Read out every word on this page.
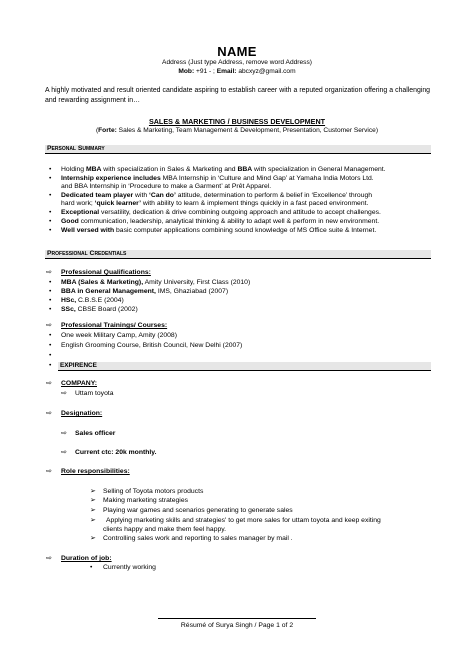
NAME
Address (Just type Address, remove word Address)
Mob: +91 - ; Email: abcxyz@gmail.com
A highly motivated and result oriented candidate aspiring to establish career with a reputed organization offering a challenging and rewarding assignment in…
SALES & MARKETING / BUSINESS DEVELOPMENT
(Forte: Sales & Marketing, Team Management & Development, Presentation, Customer Service)
Personal Summary
• Holding MBA with specialization in Sales & Marketing and BBA with specialization in General Management.
• Internship experience includes MBA Internship in ‘Culture and Mind Gap’ at Yamaha India Motors Ltd.
and BBA Internship in ‘Procedure to make a Garment’ at Prêt Apparel.
• Dedicated team player with ‘Can do’ attitude, determination to perform & belief in ‘Excellence’ through
hard work; ‘quick learner’ with ability to learn & implement things quickly in a fast paced environment.
• Exceptional versatility, dedication & drive combining outgoing approach and attitude to accept challenges.
• Good communication, leadership, analytical thinking & ability to adapt well & perform in new environment.
• Well versed with basic computer applications combining sound knowledge of MS Office suite & Internet.
Professional Credentials
⇨ Professional Qualifications:
• MBA (Sales & Marketing), Amity University, First Class (2010)
• BBA in General Management, IMS, Ghaziabad (2007)
• HSc, C.B.S.E (2004)
• SSc, CBSE Board (2002)
⇨ Professional Trainings/ Courses:
• One week Military Camp, Amity (2008)
• English Grooming Course, British Council, New Delhi (2007)
•
•	EXPIRENCE
⇨ COMPANY:
⇨ Uttam toyota
⇨ Designation:
⇨ Sales officer
⇨ Current ctc: 20k monthly.
⇨ Role responsibilities:
➢ Selling of Toyota motors products
➢ Making marketing strategies
➢ Playing war games and scenarios generating to generate sales
➢ Applying marketing skills and strategies' to get more sales for uttam toyota and keep exiting
clients happy and make them feel happy.
➢ Controlling sales work and reporting to sales manager by mail .
⇨ Duration of job:
• Currently working
Résumé of Surya Singh / Page 1 of 2
